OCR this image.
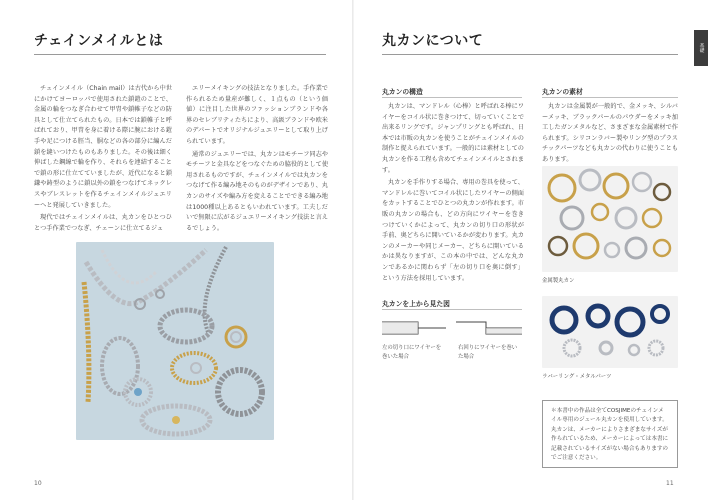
チェインメイルとは

チェインメイル（Chain mail）は古代から中世にかけてヨーロッパで使用された鎖鎧のことで、金属の輪をつなぎ合わせて甲冑や鎖帷子などの防具として仕立てられたもの。日本では鎖帷子と呼ばれており、甲冑を身に着ける際に腕における鎧手や足につける脛当、胴などの各の部分に編んだ鎖を縫いつけたものもありました。その後は細く伸ばした鋼線で輪を作り、それらを連結することで鎖の形に仕立てていましたが、近代になると鎖鎌や鋳型のように鎖以外の鎖をつなげてネックレスやブレスレットを作るチェインメイルジュエリーへと発展していきました。

現代ではチェインメイルは、丸カンをひとつひとつ手作業でつなぎ、チェーンに仕立てるジュ

エリーメイキングの技法となりました。手作業で作られるため量産が難しく、１点もの（という価値）に注目した世界のファッションブランドや各界のセレブリティたちにより、高級ブランドや欧米のデパートでオリジナルジュエリーとして取り上げられています。

通常のジュエリーでは、丸カンはモチーフ同志やモチーフと金具などをつなぐための脇役的として使用されるものですが、チェインメイルでは丸カンをつなげて作る編み地そのものがデザインであり、丸カンのサイズや編み方を変えることでできる編み地は1000種以上あるともいわれています。工夫しだいで無限に広がるジュエリーメイキング技法と言えるでしょう。

10
基礎
丸カンについて
丸カンの構造

丸カンは、マンドレル（心棒）と呼ばれる棒にワイヤーをコイル状に巻きつけて、切っていくことで出来るリングです。ジャンプリングとも呼ばれ、日本では市販の丸カンを使うことがチェインメイルの制作と捉えられています。一般的には素材としての丸カンを作る工程も含めてチェインメイルとされます。

丸カンを手作りする場合、専用の巻具を使って、マンドレルに巻いてコイル状にしたワイヤーの側面をカットすることでひとつの丸カンが作れます。市販の丸カンの場合も、どの方向にワイヤーを巻きつけていくかによって、丸カンの切り口の形状が手前、奥どちらに開いているかが変わります。丸カンのメーカーや同じメーカー、どちらに開いているかは異なりますが、この本の中では、どんな丸カンであるかに関わらず「左の切り口を奥に倒す」という方法を採用しています。

丸カンを上から見た図
左の切り口にワイヤーを巻いた場合
右回りにワイヤーを巻いた場合
丸カンの素材

丸カンは金属製が一般的で、金メッキ、シルバーメッキ、ブラックパールのパウダーをメッキ加工したガンメタルなど、さまざまな金属素材で作られます。シリコンラバー製やリング型のプラスチックパーツなども丸カンの代わりに使うこともあります。

金属製丸カン
ラバーリング・メタルパーツ
＊本書中の作品は全てCOSJIMEのチェインメイル専用のジュール丸カンを使用しています。丸カンは、メーカーによりさまざまなサイズが作られているため、メーカーによっては本書に記載されているサイズがない場合もありますのでご注意ください。
11
